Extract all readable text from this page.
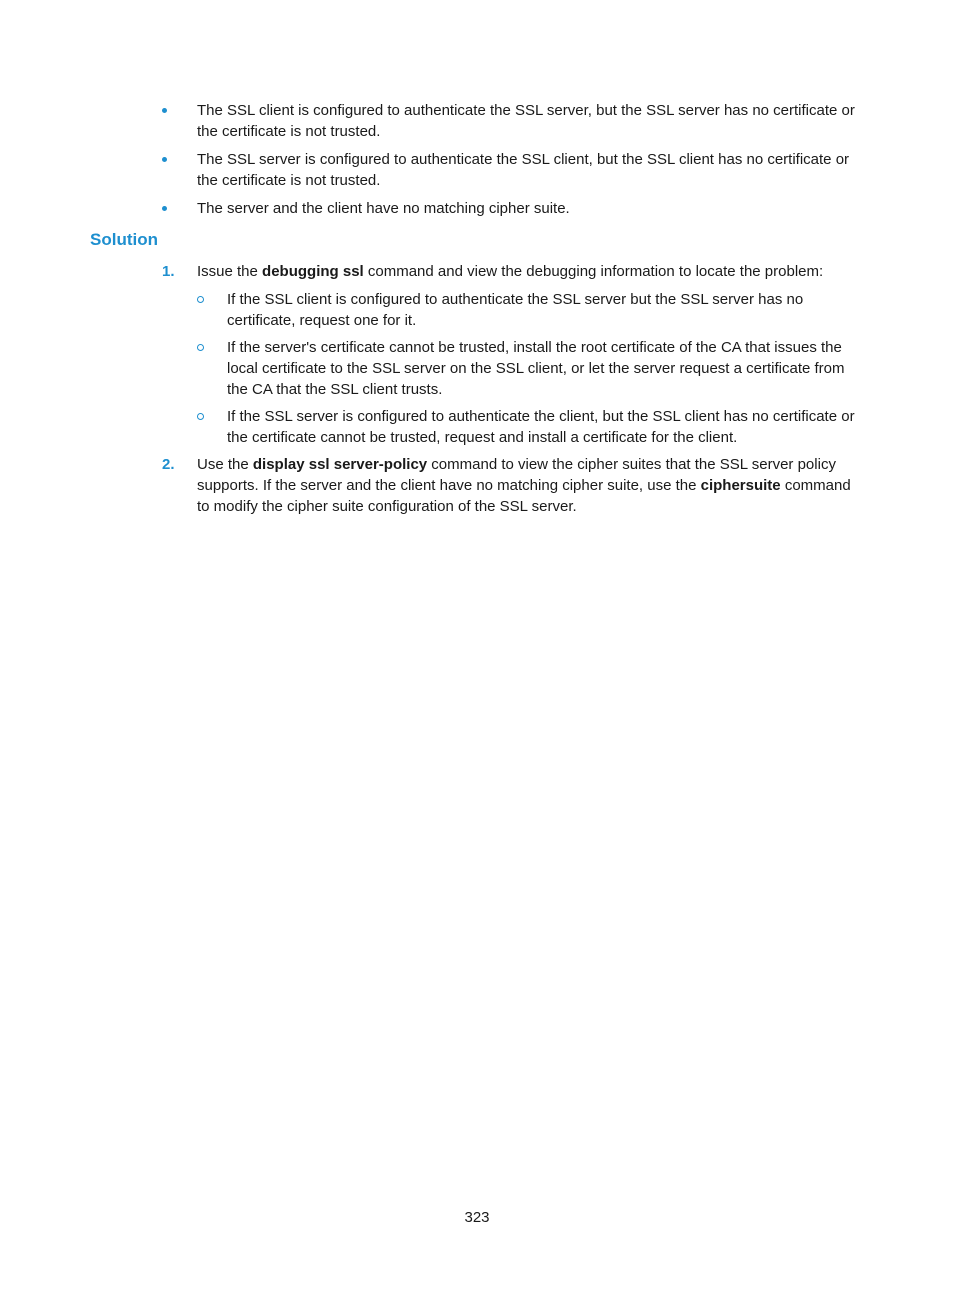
The SSL client is configured to authenticate the SSL server, but the SSL server has no certificate or the certificate is not trusted.
The SSL server is configured to authenticate the SSL client, but the SSL client has no certificate or the certificate is not trusted.
The server and the client have no matching cipher suite.
Solution
1. Issue the debugging ssl command and view the debugging information to locate the problem:
If the SSL client is configured to authenticate the SSL server but the SSL server has no certificate, request one for it.
If the server's certificate cannot be trusted, install the root certificate of the CA that issues the local certificate to the SSL server on the SSL client, or let the server request a certificate from the CA that the SSL client trusts.
If the SSL server is configured to authenticate the client, but the SSL client has no certificate or the certificate cannot be trusted, request and install a certificate for the client.
2. Use the display ssl server-policy command to view the cipher suites that the SSL server policy supports. If the server and the client have no matching cipher suite, use the ciphersuite command to modify the cipher suite configuration of the SSL server.
323
